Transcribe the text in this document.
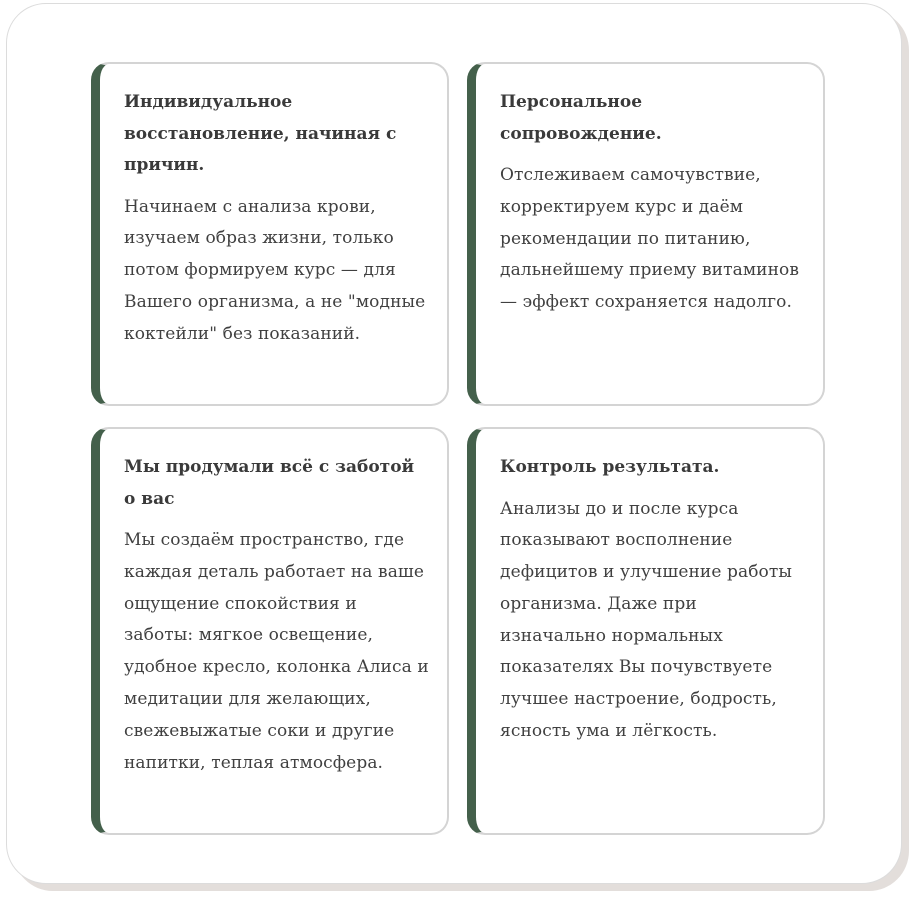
Индивидуальное восстановление, начиная с причин.

Начинаем с анализа крови, изучаем образ жизни, только потом формируем курс — для Вашего организма, а не "модные коктейли" без показаний.

Персональное сопровождение.

Отслеживаем самочувствие, корректируем курс и даём рекомендации по питанию, дальнейшему приему витаминов — эффект сохраняется надолго.

Мы продумали всё с заботой о вас

Мы создаём пространство, где каждая деталь работает на ваше ощущение спокойствия и заботы: мягкое освещение, удобное кресло, колонка Алиса и медитации для желающих, свежевыжатые соки и другие напитки, теплая атмосфера.

Контроль результата.

Анализы до и после курса показывают восполнение дефицитов и улучшение работы организма. Даже при изначально нормальных показателях Вы почувствуете лучшее настроение, бодрость, ясность ума и лёгкость.
